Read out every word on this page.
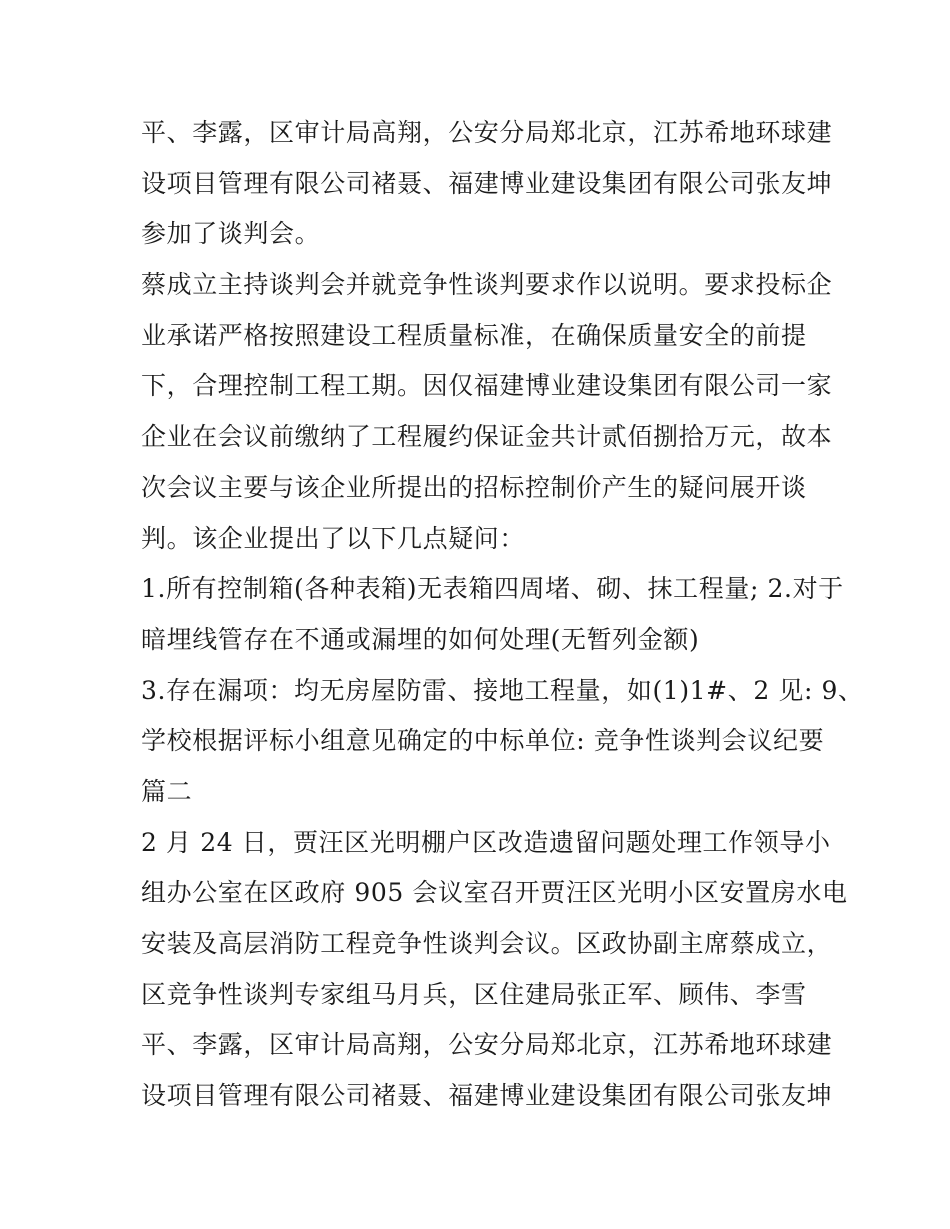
平、李露，区审计局高翔，公安分局郑北京，江苏希地环球建
设项目管理有限公司褚聂、福建博业建设集团有限公司张友坤
参加了谈判会。
蔡成立主持谈判会并就竞争性谈判要求作以说明。要求投标企
业承诺严格按照建设工程质量标准，在确保质量安全的前提
下，合理控制工程工期。因仅福建博业建设集团有限公司一家
企业在会议前缴纳了工程履约保证金共计贰佰捌拾万元，故本
次会议主要与该企业所提出的招标控制价产生的疑问展开谈
判。该企业提出了以下几点疑问：
1.所有控制箱(各种表箱)无表箱四周堵、砌、抹工程量; 2.对于
暗埋线管存在不通或漏埋的如何处理(无暂列金额)
3.存在漏项：均无房屋防雷、接地工程量，如(1)1#、2 见: 9、
学校根据评标小组意见确定的中标单位: 竞争性谈判会议纪要
篇二
2 月 24 日，贾汪区光明棚户区改造遗留问题处理工作领导小
组办公室在区政府 905 会议室召开贾汪区光明小区安置房水电
安装及高层消防工程竞争性谈判会议。区政协副主席蔡成立，
区竞争性谈判专家组马月兵，区住建局张正军、顾伟、李雪
平、李露，区审计局高翔，公安分局郑北京，江苏希地环球建
设项目管理有限公司褚聂、福建博业建设集团有限公司张友坤
